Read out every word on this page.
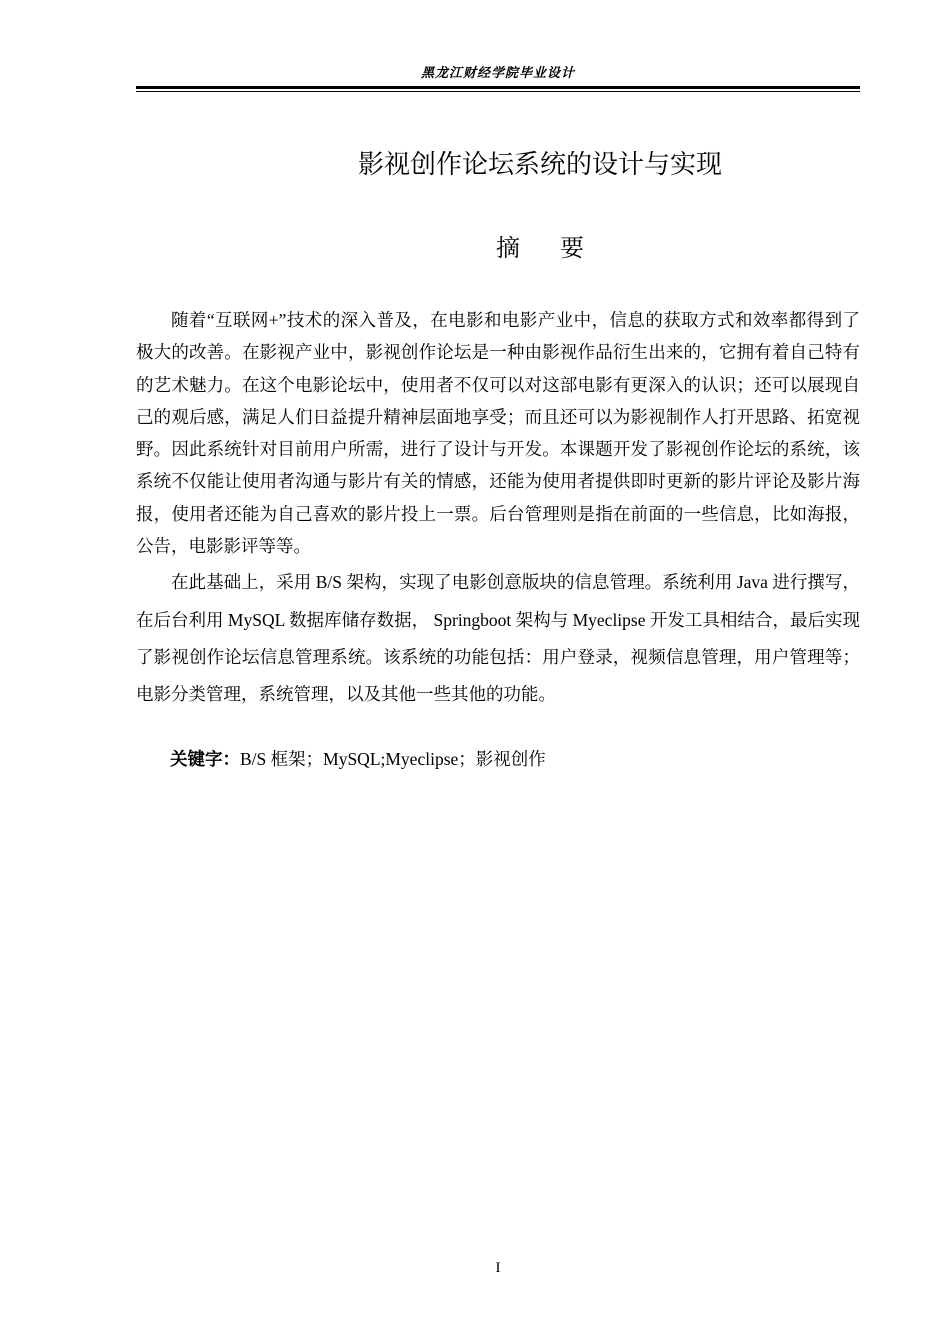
黑龙江财经学院毕业设计
影视创作论坛系统的设计与实现
摘要

随着“互联网+”技术的深入普及，在电影和电影产业中，信息的获取方式和效率都得到了极大的改善。在影视产业中，影视创作论坛是一种由影视作品衍生出来的，它拥有着自己特有的艺术魅力。在这个电影论坛中，使用者不仅可以对这部电影有更深入的认识；还可以展现自己的观后感，满足人们日益提升精神层面地享受；而且还可以为影视制作人打开思路、拓宽视野。因此系统针对目前用户所需，进行了设计与开发。本课题开发了影视创作论坛的系统，该系统不仅能让使用者沟通与影片有关的情感，还能为使用者提供即时更新的影片评论及影片海报，使用者还能为自己喜欢的影片投上一票。后台管理则是指在前面的一些信息，比如海报，公告，电影影评等等。

在此基础上，采用 B/S 架构，实现了电影创意版块的信息管理。系统利用 Java 进行撰写，在后台利用 MySQL 数据库储存数据， Springboot 架构与 Myeclipse 开发工具相结合，最后实现了影视创作论坛信息管理系统。该系统的功能包括：用户登录，视频信息管理，用户管理等；电影分类管理，系统管理，以及其他一些其他的功能。

关键字：B/S 框架；MySQL;Myeclipse；影视创作
I
